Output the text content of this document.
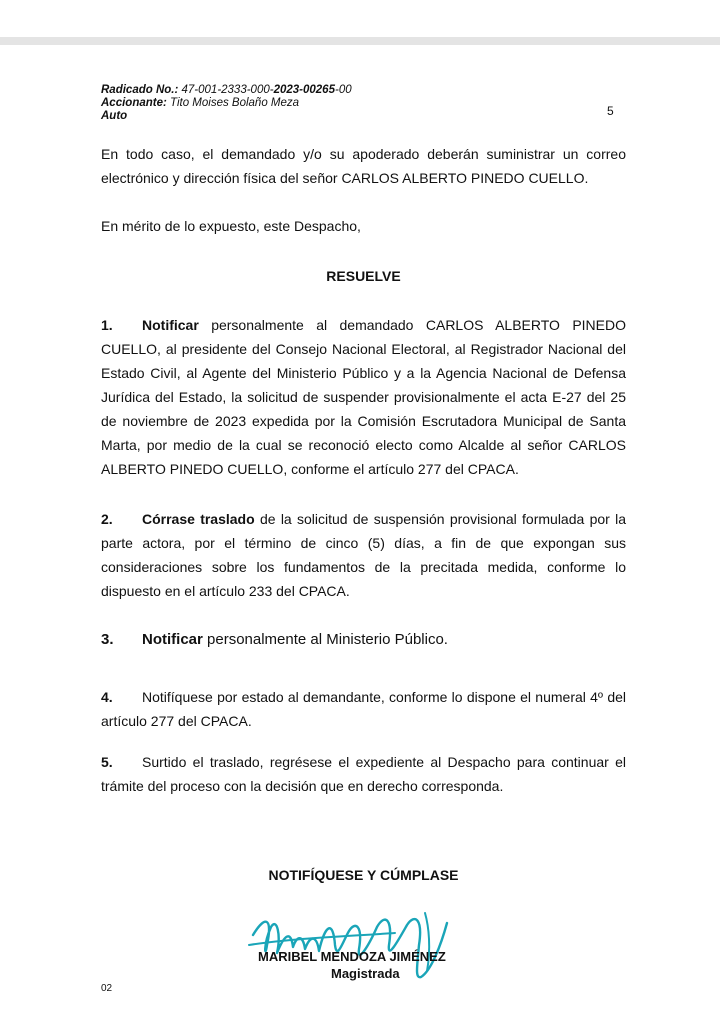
Radicado No.: 47-001-2333-000-2023-00265-00
Accionante: Tito Moises Bolaño Meza
Auto	5

En todo caso, el demandado y/o su apoderado deberán suministrar un correo electrónico y dirección física del señor CARLOS ALBERTO PINEDO CUELLO.

En mérito de lo expuesto, este Despacho,

RESUELVE

1. Notificar personalmente al demandado CARLOS ALBERTO PINEDO CUELLO, al presidente del Consejo Nacional Electoral, al Registrador Nacional del Estado Civil, al Agente del Ministerio Público y a la Agencia Nacional de Defensa Jurídica del Estado, la solicitud de suspender provisionalmente el acta E-27 del 25 de noviembre de 2023 expedida por la Comisión Escrutadora Municipal de Santa Marta, por medio de la cual se reconoció electo como Alcalde al señor CARLOS ALBERTO PINEDO CUELLO, conforme el artículo 277 del CPACA.

2. Córrase traslado de la solicitud de suspensión provisional formulada por la parte actora, por el término de cinco (5) días, a fin de que expongan sus consideraciones sobre los fundamentos de la precitada medida, conforme lo dispuesto en el artículo 233 del CPACA.

3. Notificar personalmente al Ministerio Público.

4. Notifíquese por estado al demandante, conforme lo dispone el numeral 4º del artículo 277 del CPACA.

5. Surtido el traslado, regrésese el expediente al Despacho para continuar el trámite del proceso con la decisión que en derecho corresponda.

NOTIFÍQUESE Y CÚMPLASE
MARIBEL MENDOZA JIMÉNEZ
Magistrada
02
